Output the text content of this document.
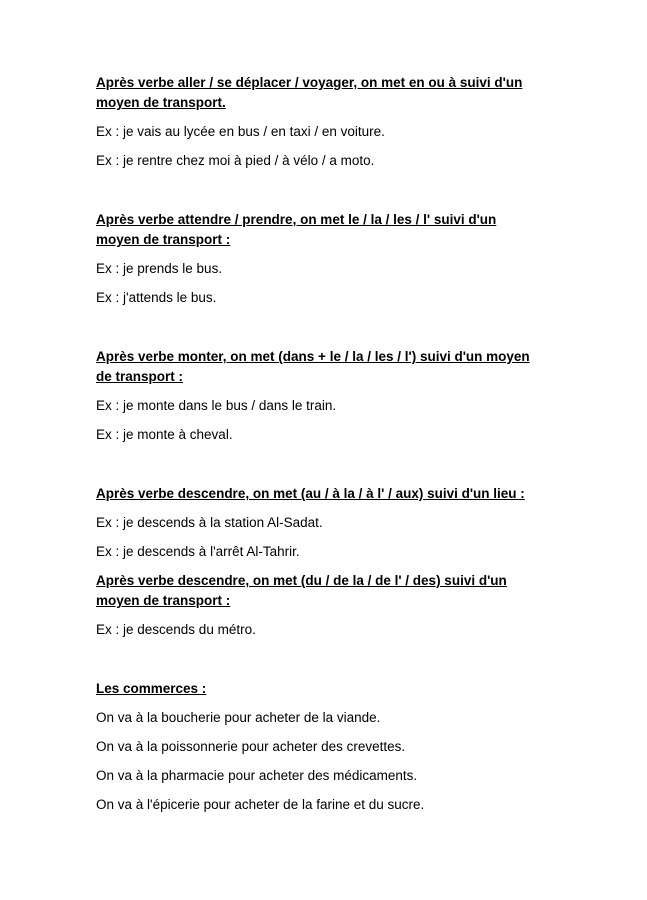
Après verbe aller / se déplacer / voyager, on met en ou à suivi d'un

moyen de transport.

Ex : je vais au lycée en bus / en taxi / en voiture.

Ex : je rentre chez moi à pied / à vélo / a moto.

Après verbe attendre / prendre, on met le / la / les / l' suivi d'un

moyen de transport :

Ex : je prends le bus.

Ex : j'attends le bus.

Après verbe monter, on met (dans + le / la / les / l') suivi d'un moyen

de transport :

Ex : je monte dans le bus / dans le train.

Ex : je monte à cheval.

Après verbe descendre, on met (au / à la / à l' / aux) suivi d'un lieu :

Ex : je descends à la station Al-Sadat.

Ex : je descends à l'arrêt Al-Tahrir.

Après verbe descendre, on met (du / de la / de l' / des) suivi d'un

moyen de transport :

Ex : je descends du métro.

Les commerces :

On va à la boucherie pour acheter de la viande.

On va à la poissonnerie pour acheter des crevettes.

On va à la pharmacie pour acheter des médicaments.

On va à l'épicerie pour acheter de la farine et du sucre.
